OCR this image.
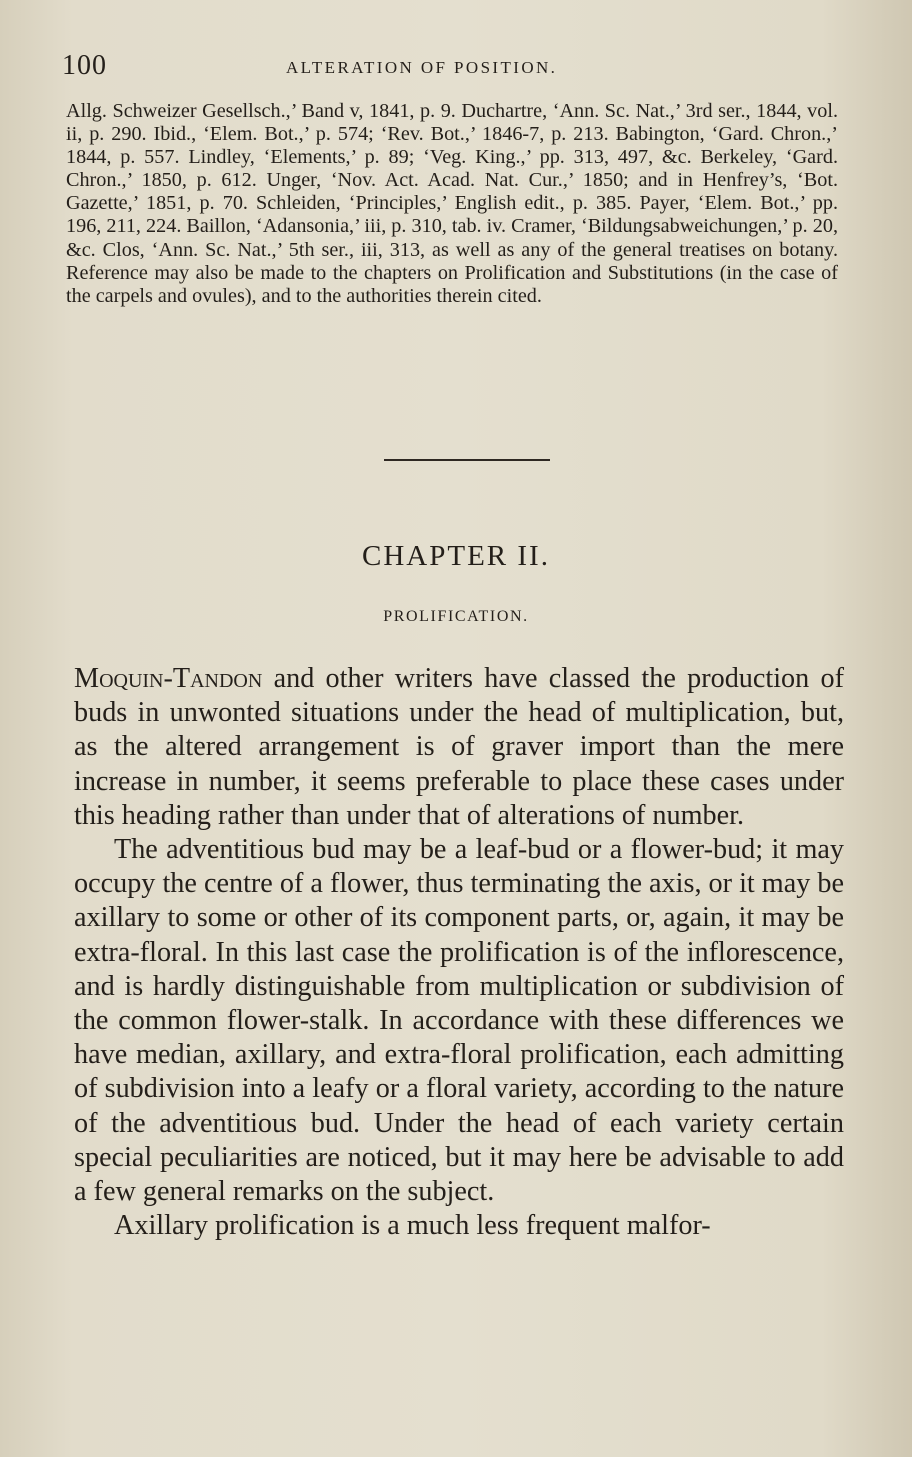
100	ALTERATION OF POSITION.

Allg. Schweizer Gesellsch.,’ Band v, 1841, p. 9. Duchartre, ‘Ann. Sc. Nat.,’ 3rd ser., 1844, vol. ii, p. 290. Ibid., ‘Elem. Bot.,’ p. 574; ‘Rev. Bot.,’ 1846-7, p. 213. Babington, ‘Gard. Chron.,’ 1844, p. 557. Lindley, ‘Elements,’ p. 89; ‘Veg. King.,’ pp. 313, 497, &c. Berkeley, ‘Gard. Chron.,’ 1850, p. 612. Unger, ‘Nov. Act. Acad. Nat. Cur.,’ 1850; and in Henfrey’s, ‘Bot. Gazette,’ 1851, p. 70. Schleiden, ‘Principles,’ English edit., p. 385. Payer, ‘Elem. Bot.,’ pp. 196, 211, 224. Baillon, ‘Adansonia,’ iii, p. 310, tab. iv. Cramer, ‘Bildungsabweichungen,’ p. 20, &c. Clos, ‘Ann. Sc. Nat.,’ 5th ser., iii, 313, as well as any of the general treatises on botany. Reference may also be made to the chapters on Prolification and Substitutions (in the case of the carpels and ovules), and to the authorities therein cited.

CHAPTER II.
PROLIFICATION.

Moquin-Tandon and other writers have classed the production of buds in unwonted situations under the head of multiplication, but, as the altered arrangement is of graver import than the mere increase in number, it seems preferable to place these cases under this heading rather than under that of alterations of number.

The adventitious bud may be a leaf-bud or a flower-bud; it may occupy the centre of a flower, thus terminating the axis, or it may be axillary to some or other of its component parts, or, again, it may be extra-floral. In this last case the prolification is of the inflorescence, and is hardly distinguishable from multiplication or subdivision of the common flower-stalk. In accordance with these differences we have median, axillary, and extra-floral prolification, each admitting of subdivision into a leafy or a floral variety, according to the nature of the adventitious bud. Under the head of each variety certain special peculiarities are noticed, but it may here be advisable to add a few general remarks on the subject.

Axillary prolification is a much less frequent malfor-
